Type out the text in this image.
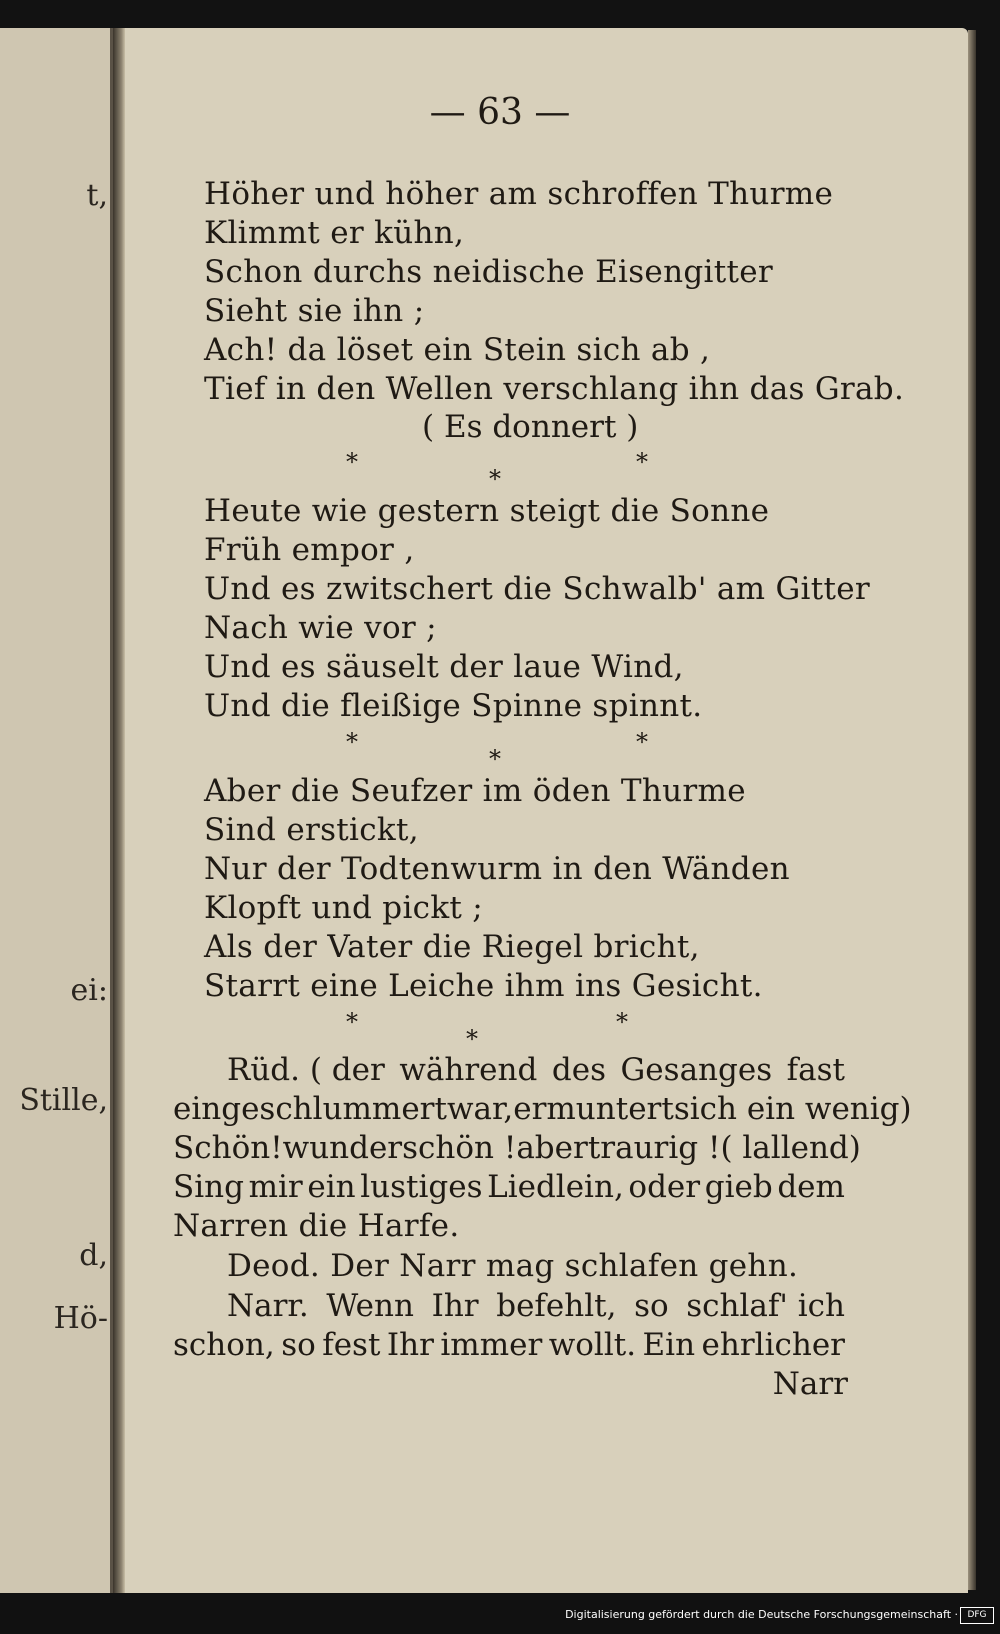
t,
ei:
Stille,
d,
Hö-
— 63 —
Höher und höher am schroffen Thurme
Klimmt er kühn,
Schon durchs neidische Eisengitter
Sieht sie ihn ;
Ach! da löset ein Stein sich ab ,
Tief in den Wellen verschlang ihn das Grab.
( Es donnert )
*
*
*
Heute wie gestern steigt die Sonne
Früh empor ,
Und es zwitschert die Schwalb' am Gitter
Nach wie vor ;
Und es säuselt der laue Wind,
Und die fleißige Spinne spinnt.
*
*
*
Aber die Seufzer im öden Thurme
Sind erstickt,
Nur der Todtenwurm in den Wänden
Klopft und pickt ;
Als der Vater die Riegel bricht,
Starrt eine Leiche ihm ins Gesicht.
*
*
*
Rüd. ( der während des Gesanges fast
eingeschlummert war, ermuntert sich ein wenig)
Schön! wunderschön ! aber traurig ! ( lallend)
Sing mir ein lustiges Liedlein, oder gieb dem
Narren die Harfe.
Deod. Der Narr mag schlafen gehn.
Narr. Wenn Ihr befehlt, so schlaf' ich
schon, so fest Ihr immer wollt. Ein ehrlicher
Narr
Digitalisierung gefördert durch die Deutsche Forschungsgemeinschaft ·	DFG
